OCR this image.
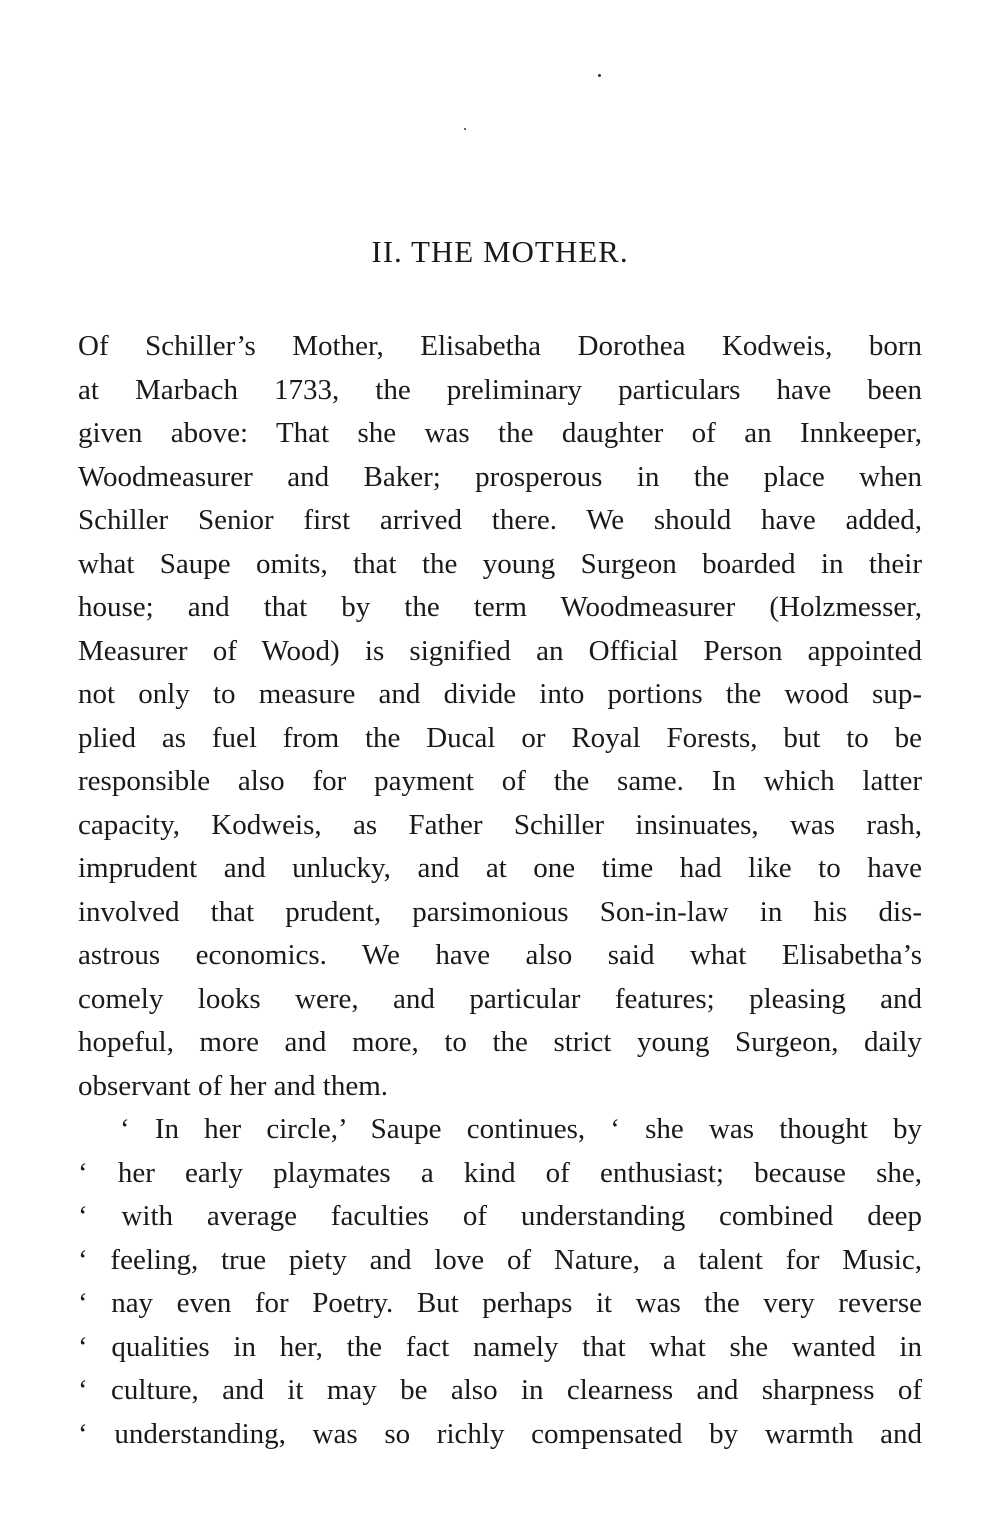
II. THE MOTHER.
Of Schiller’s Mother, Elisabetha Dorothea Kodweis, born
at Marbach 1733, the preliminary particulars have been
given above: That she was the daughter of an Innkeeper,
Woodmeasurer and Baker; prosperous in the place when
Schiller Senior first arrived there. We should have added,
what Saupe omits, that the young Surgeon boarded in their
house; and that by the term Woodmeasurer (Holzmesser,
Measurer of Wood) is signified an Official Person appointed
not only to measure and divide into portions the wood sup-
plied as fuel from the Ducal or Royal Forests, but to be
responsible also for payment of the same. In which latter
capacity, Kodweis, as Father Schiller insinuates, was rash,
imprudent and unlucky, and at one time had like to have
involved that prudent, parsimonious Son-in-law in his dis-
astrous economics. We have also said what Elisabetha’s
comely looks were, and particular features; pleasing and
hopeful, more and more, to the strict young Surgeon, daily
observant of her and them.
‘ In her circle,’ Saupe continues, ‘ she was thought by
‘ her early playmates a kind of enthusiast; because she,
‘ with average faculties of understanding combined deep
‘ feeling, true piety and love of Nature, a talent for Music,
‘ nay even for Poetry. But perhaps it was the very reverse
‘ qualities in her, the fact namely that what she wanted in
‘ culture, and it may be also in clearness and sharpness of
‘ understanding, was so richly compensated by warmth and
